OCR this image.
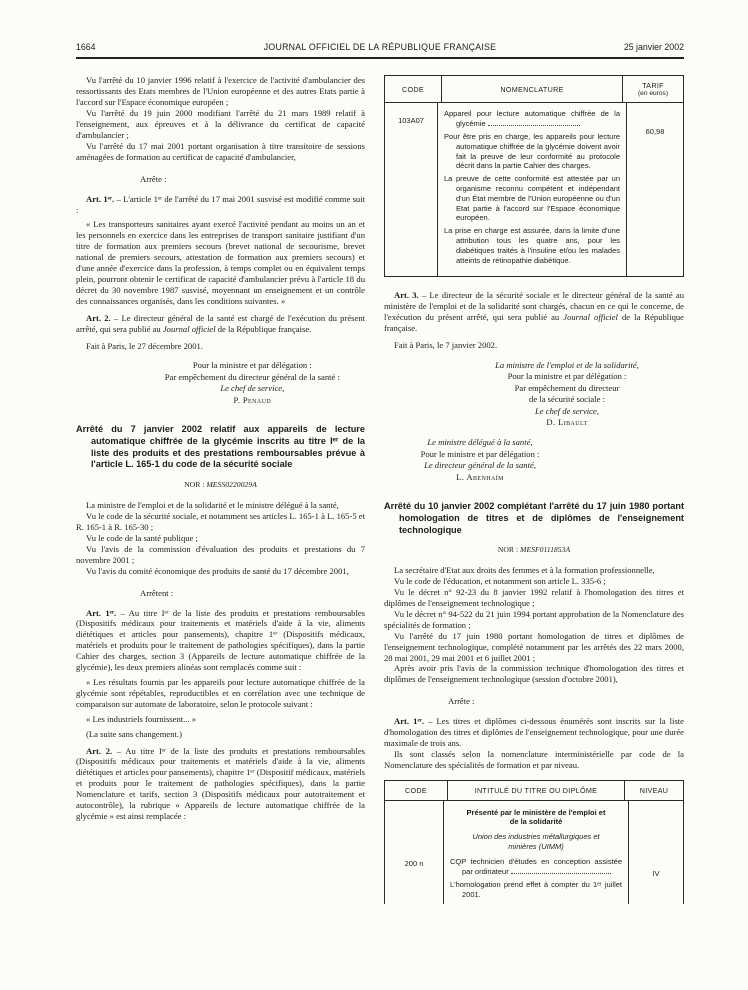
1664	JOURNAL OFFICIEL DE LA RÉPUBLIQUE FRANÇAISE	25 janvier 2002

Vu l'arrêté du 10 janvier 1996 relatif à l'exercice de l'activité d'ambulancier des ressortissants des Etats membres de l'Union européenne et des autres Etats partie à l'accord sur l'Espace économique européen ;

Vu l'arrêté du 19 juin 2000 modifiant l'arrêté du 21 mars 1989 relatif à l'enseignement, aux épreuves et à la délivrance du certificat de capacité d'ambulancier ;

Vu l'arrêté du 17 mai 2001 portant organisation à titre transitoire de sessions aménagées de formation au certificat de capacité d'ambulancier,

Arrête :

Art. 1ᵉʳ. – L'article 1ᵉʳ de l'arrêté du 17 mai 2001 susvisé est modifié comme suit :

« Les transporteurs sanitaires ayant exercé l'activité pendant au moins un an et les personnels en exercice dans les entreprises de transport sanitaire justifiant d'un titre de formation aux premiers secours (brevet national de secourisme, brevet national de premiers secours, attestation de formation aux premiers secours) et d'une année d'exercice dans la profession, à temps complet ou en équivalent temps plein, pourront obtenir le certificat de capacité d'ambulancier prévu à l'article 18 du décret du 30 novembre 1987 susvisé, moyennant un enseignement et un contrôle des connaissances organisés, dans les conditions suivantes. »

Art. 2. – Le directeur général de la santé est chargé de l'exécution du présent arrêté, qui sera publié au Journal officiel de la République française.

Fait à Paris, le 27 décembre 2001.

Pour la ministre et par délégation :
Par empêchement du directeur général de la santé :
Le chef de service,
P. Penaud
Arrêté du 7 janvier 2002 relatif aux appareils de lecture automatique chiffrée de la glycémie inscrits au titre Iᵉʳ de la liste des produits et des prestations remboursables prévue à l'article L. 165-1 du code de la sécurité sociale

NOR : MESS0220029A

La ministre de l'emploi et de la solidarité et le ministre délégué à la santé,

Vu le code de la sécurité sociale, et notamment ses articles L. 165-1 à L. 165-5 et R. 165-1 à R. 165-30 ;

Vu le code de la santé publique ;

Vu l'avis de la commission d'évaluation des produits et prestations du 7 novembre 2001 ;

Vu l'avis du comité économique des produits de santé du 17 décembre 2001,

Arrêtent :

Art. 1ᵉʳ. – Au titre Iᵉʳ de la liste des produits et prestations remboursables (Dispositifs médicaux pour traitements et matériels d'aide à la vie, aliments diététiques et articles pour pansements), chapitre 1ᵉʳ (Dispositifs médicaux, matériels et produits pour le traitement de pathologies spécifiques), dans la partie Cahier des charges, section 3 (Appareils de lecture automatique chiffrée de la glycémie), les deux premiers alinéas sont remplacés comme suit :

« Les résultats fournis par les appareils pour lecture automatique chiffrée de la glycémie sont répétables, reproductibles et en corrélation avec une technique de comparaison sur automate de laboratoire, selon le protocole suivant :

« Les industriels fournissent... »

(La suite sans changement.)

Art. 2. – Au titre Iᵉʳ de la liste des produits et prestations remboursables (Dispositifs médicaux pour traitements et matériels d'aide à la vie, aliments diététiques et articles pour pansements), chapitre 1ᵉʳ (Dispositif médicaux, matériels et produits pour le traitement de pathologies spécifiques), dans la partie Nomenclature et tarifs, section 3 (Dispositifs médicaux pour autotraitement et autocontrôle), la rubrique « Appareils de lecture automatique chiffrée de la glycémie » est ainsi remplacée :

CODE	NOMENCLATURE	TARIF
(en euros)
103A07

Appareil pour lecture automatique chiffrée de la glycémie

Pour être pris en charge, les appareils pour lecture automatique chiffrée de la glycémie doivent avoir fait la preuve de leur conformité au protocole décrit dans la partie Cahier des charges.

La preuve de cette conformité est attestée par un organisme reconnu compétent et indépendant d'un État membre de l'Union européenne ou d'un Etat partie à l'accord sur l'Espace économique européen.

La prise en charge est assurée, dans la limite d'une attribution tous les quatre ans, pour les diabétiques traités à l'insuline et/ou les malades atteints de rétinopathie diabétique.

60,98

Art. 3. – Le directeur de la sécurité sociale et le directeur général de la santé au ministère de l'emploi et de la solidarité sont chargés, chacun en ce qui le concerne, de l'exécution du présent arrêté, qui sera publié au Journal officiel de la République française.

Fait à Paris, le 7 janvier 2002.

La ministre de l'emploi et de la solidarité,
Pour la ministre et par délégation :
Par empêchement du directeur
de la sécurité sociale :
Le chef de service,
D. Libault
Le ministre délégué à la santé,
Pour le ministre et par délégation :
Le directeur général de la santé,
L. Abenhaïm
Arrêté du 10 janvier 2002 complétant l'arrêté du 17 juin 1980 portant homologation de titres et de diplômes de l'enseignement technologique

NOR : MESF0111853A

La secrétaire d'Etat aux droits des femmes et à la formation professionnelle,

Vu le code de l'éducation, et notamment son article L. 335-6 ;

Vu le décret n° 92-23 du 8 janvier 1992 relatif à l'homologation des titres et diplômes de l'enseignement technologique ;

Vu le décret n° 94-522 du 21 juin 1994 portant approbation de la Nomenclature des spécialités de formation ;

Vu l'arrêté du 17 juin 1980 portant homologation de titres et diplômes de l'enseignement technologique, complété notamment par les arrêtés des 22 mars 2000, 28 mai 2001, 29 mai 2001 et 6 juillet 2001 ;

Après avoir pris l'avis de la commission technique d'homologation des titres et diplômes de l'enseignement technologique (session d'octobre 2001),

Arrête :

Art. 1ᵉʳ. – Les titres et diplômes ci-dessous énumérés sont inscrits sur la liste d'homologation des titres et diplômes de l'enseignement technologique, pour une durée maximale de trois ans.

Ils sont classés selon la nomenclature interministérielle par code de la Nomenclature des spécialités de formation et par niveau.

CODE	INTITULÉ DU TITRE OU DIPLÔME	NIVEAU
200 n

Présenté par le ministère de l'emploi et de la solidarité

Union des industries métallurgiques et minières (UIMM)

CQP technicien d'études en conception assistée par ordinateur

L'homologation prend effet à compter du 1ᵉʳ juillet 2001.

IV
